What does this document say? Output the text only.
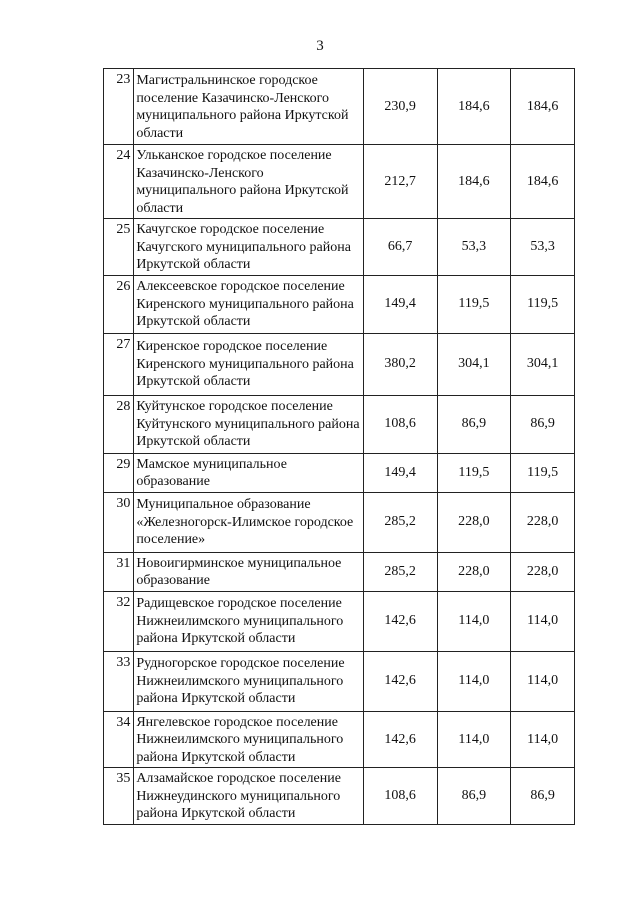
3
23	Магистральнинское городское поселение Казачинско-Ленского муниципального района Иркутской области	230,9	184,6	184,6
24	Ульканское городское поселение Казачинско-Ленского муниципального района Иркутской области	212,7	184,6	184,6
25	Качугское городское поселение Качугского муниципального района Иркутской области	66,7	53,3	53,3
26	Алексеевское городское поселение Киренского муниципального района Иркутской области	149,4	119,5	119,5
27	Киренское городское поселение Киренского муниципального района Иркутской области	380,2	304,1	304,1
28	Куйтунское городское поселение Куйтунского муниципального района Иркутской области	108,6	86,9	86,9
29	Мамское муниципальное образование	149,4	119,5	119,5
30	Муниципальное образование «Железногорск-Илимское городское поселение»	285,2	228,0	228,0
31	Новоигирминское муниципальное образование	285,2	228,0	228,0
32	Радищевское городское поселение Нижнеилимского муниципального района Иркутской области	142,6	114,0	114,0
33	Рудногорское городское поселение Нижнеилимского муниципального района Иркутской области	142,6	114,0	114,0
34	Янгелевское городское поселение Нижнеилимского муниципального района Иркутской области	142,6	114,0	114,0
35	Алзамайское городское поселение Нижнеудинского муниципального района Иркутской области	108,6	86,9	86,9
